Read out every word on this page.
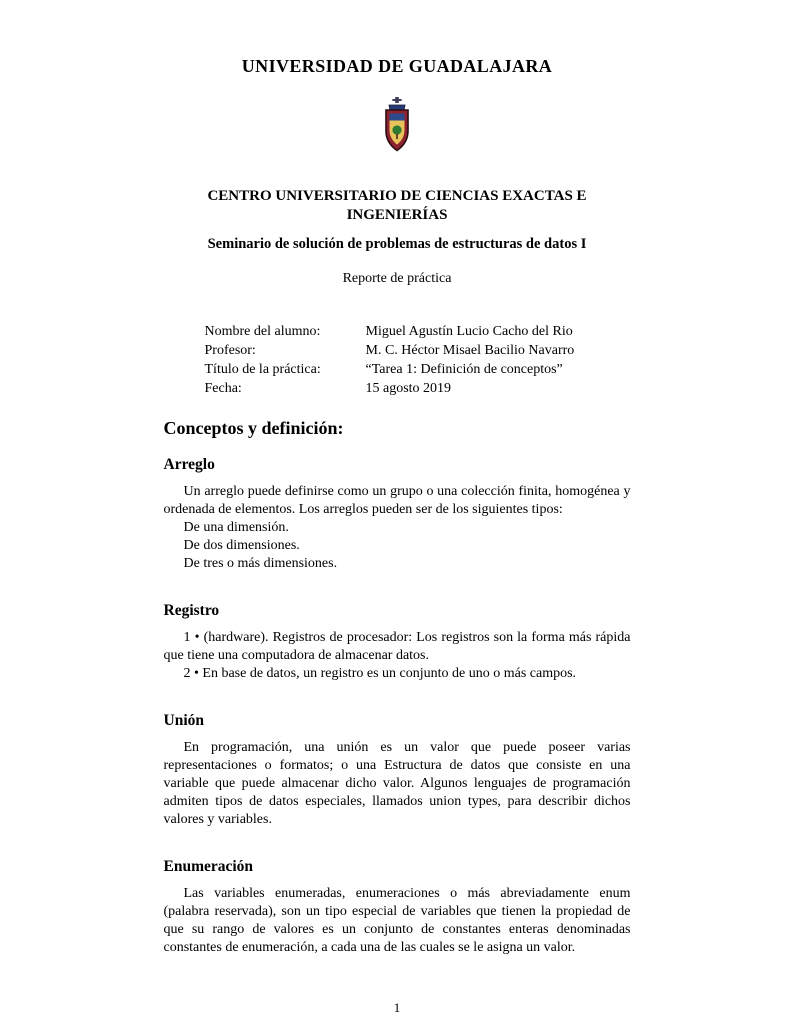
UNIVERSIDAD DE GUADALAJARA
CENTRO UNIVERSITARIO DE CIENCIAS EXACTAS E INGENIERÍAS
Seminario de solución de problemas de estructuras de datos I
Reporte de práctica
Nombre del alumno:	Miguel Agustín Lucio Cacho del Rio
Profesor:	M. C. Héctor Misael Bacilio Navarro
Título de la práctica:	“Tarea 1: Definición de conceptos”
Fecha:	15 agosto 2019
Conceptos y definición:
Arreglo

Un arreglo puede definirse como un grupo o una colección finita, homogénea y ordenada de elementos. Los arreglos pueden ser de los siguientes tipos:

De una dimensión.
De dos dimensiones.
De tres o más dimensiones.
Registro

1 • (hardware). Registros de procesador: Los registros son la forma más rápida que tiene una computadora de almacenar datos.

2 • En base de datos, un registro es un conjunto de uno o más campos.

Unión

En programación, una unión es un valor que puede poseer varias representaciones o formatos; o una Estructura de datos que consiste en una variable que puede almacenar dicho valor. Algunos lenguajes de programación admiten tipos de datos especiales, llamados union types, para describir dichos valores y variables.

Enumeración

Las variables enumeradas, enumeraciones o más abreviadamente enum (palabra reservada), son un tipo especial de variables que tienen la propiedad de que su rango de valores es un conjunto de constantes enteras denominadas constantes de enumeración, a cada una de las cuales se le asigna un valor.

1
